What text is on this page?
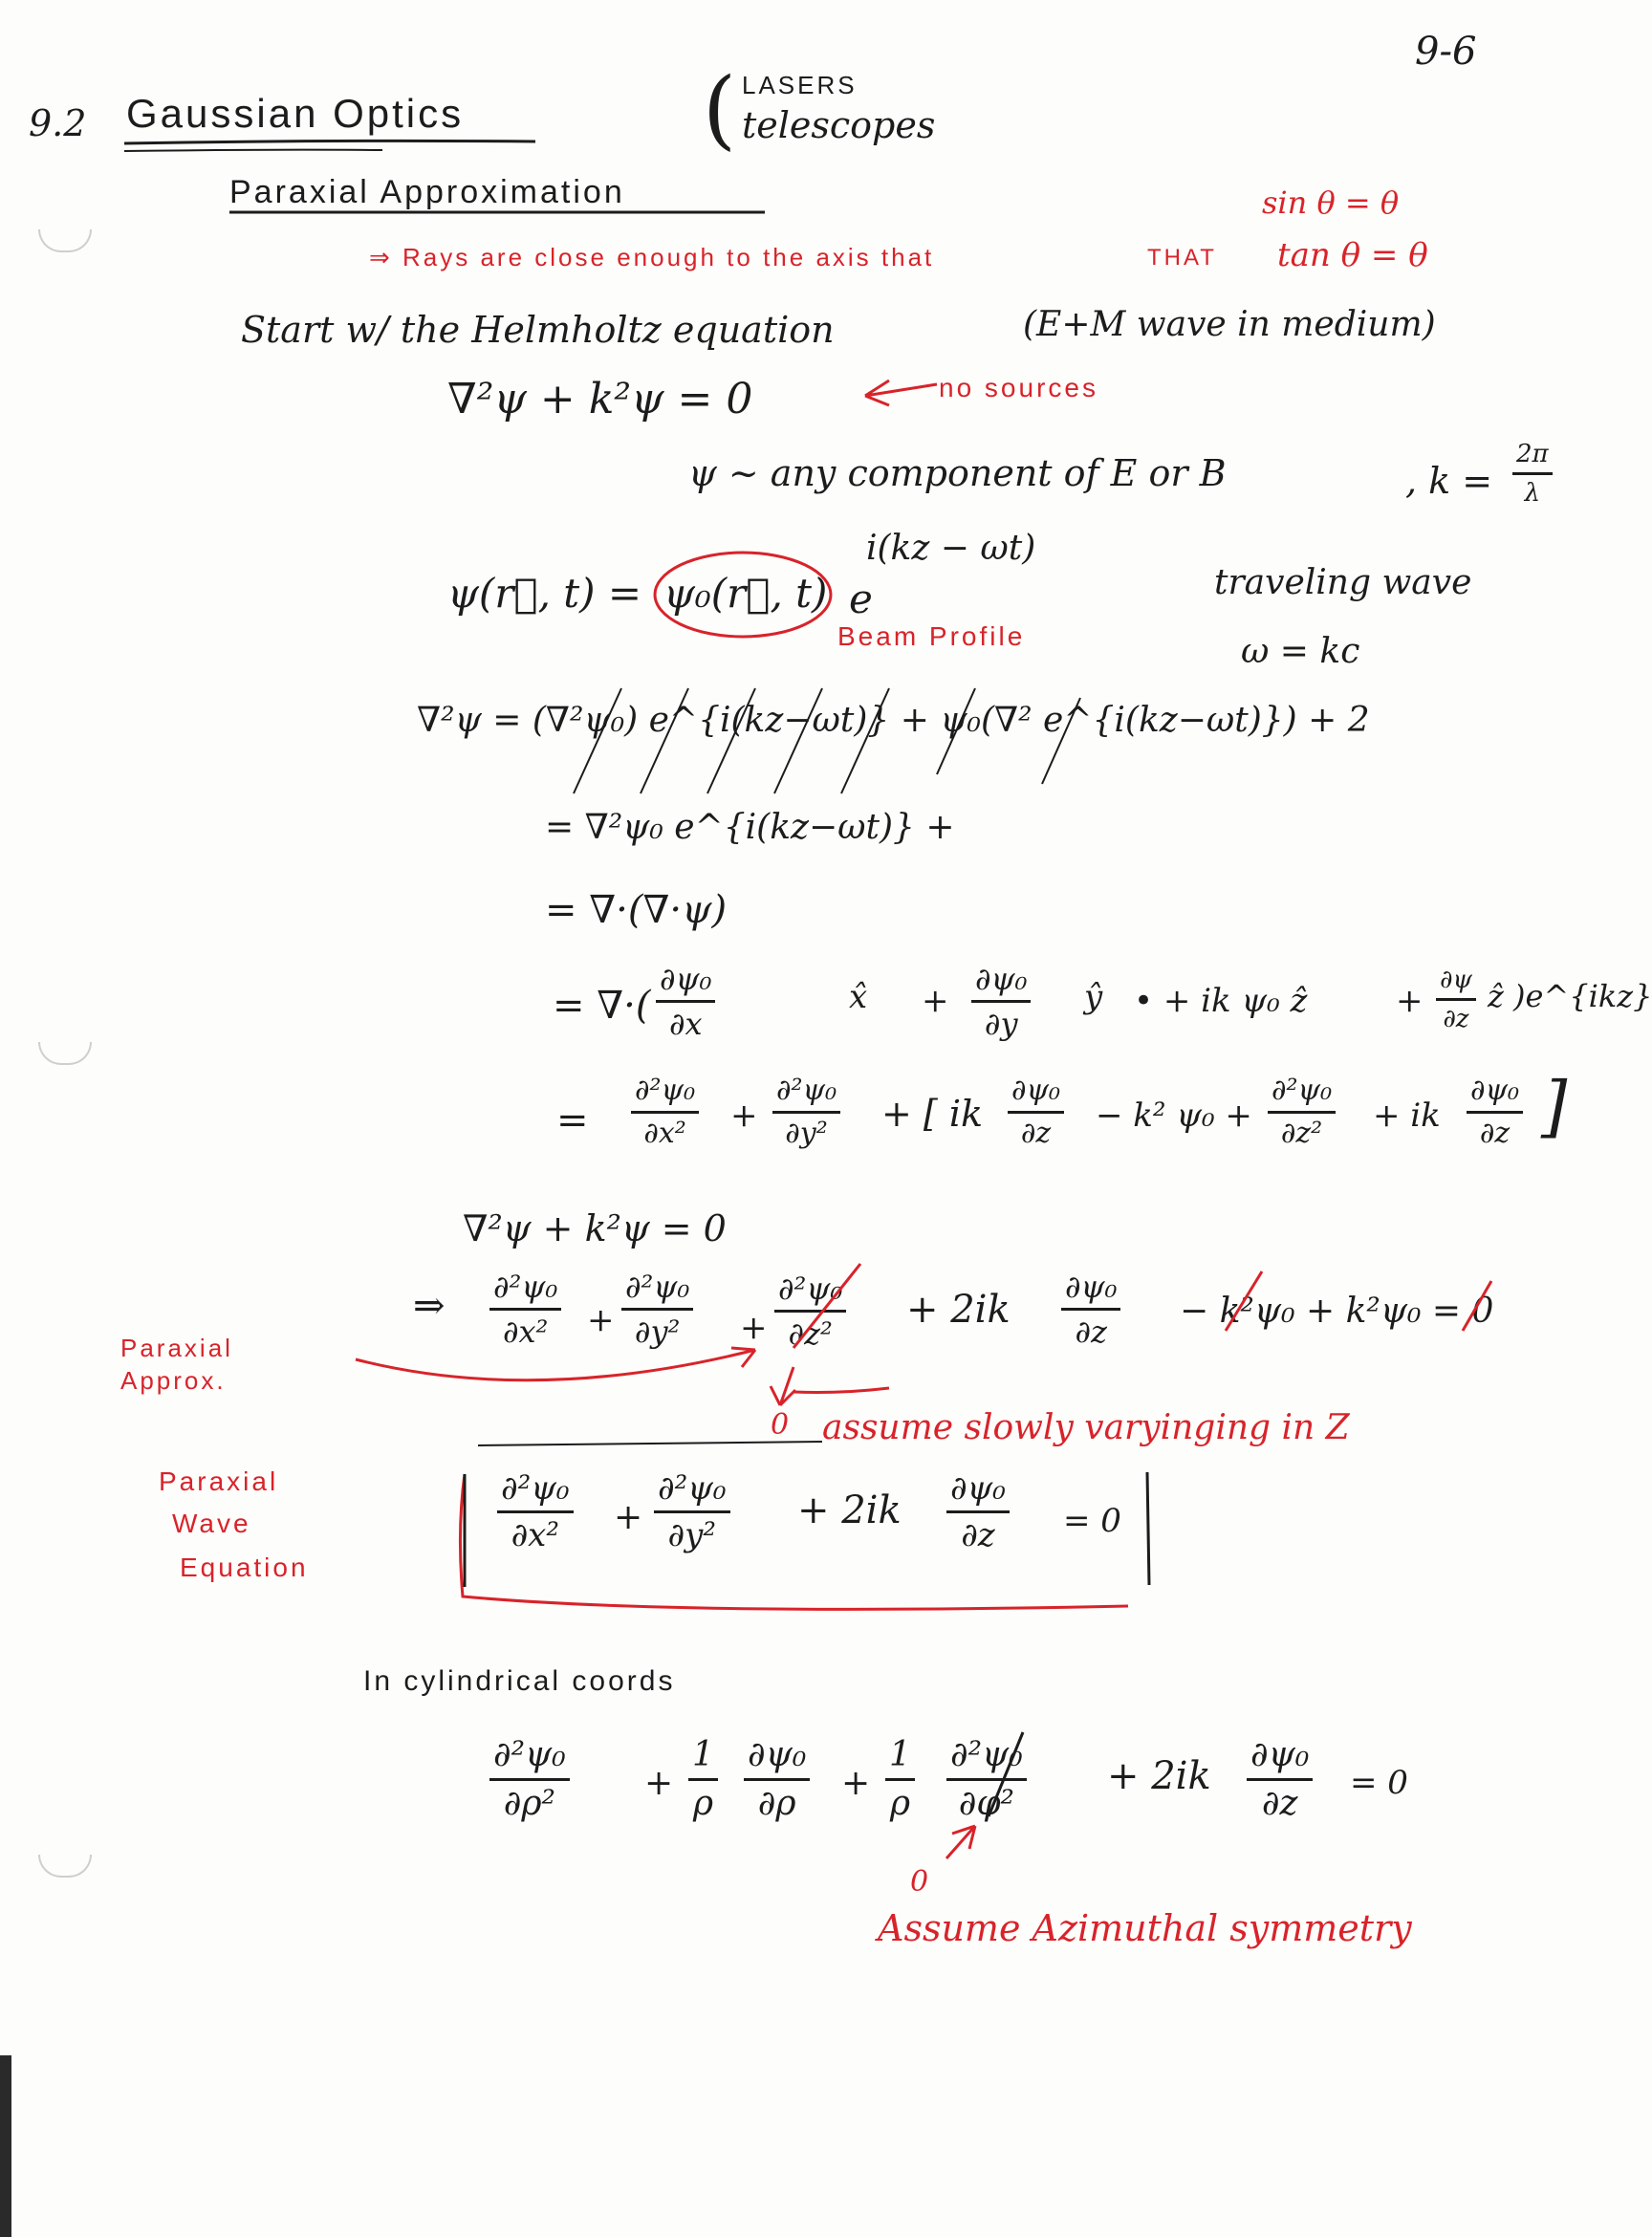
9-6
9.2 Gaussian Optics	( LASERS
telescopes
Paraxial Approximation	sin θ = θ
tan θ = θ
⇒ Rays are close enough to the axis that	THAT
Start w/ the Helmholtz equation	(E+M wave in medium)
∇²ψ + k²ψ = 0	no sources
ψ ~ any component of E or B	, k =
2π
λ
ψ(r⃗, t) = ψ₀(r⃗, t) e
i(kz − ωt)
Beam Profile
traveling wave
ω = kc
∇²ψ = (∇²ψ₀) e^{i(kz−ωt)} + ψ₀(∇² e^{i(kz−ωt)}) + 2
= ∇²ψ₀ e^{i(kz−ωt)} +
= ∇·(∇·ψ)
= ∇·(
∂ψ₀
∂x
x̂ +
∂ψ₀
∂y
ŷ • + ik ψ₀ ẑ	+
∂ψ
∂z
ẑ )e^{ikz}
=
∂²ψ₀
∂x²	+
∂²ψ₀
∂y²	+ [ ik
∂ψ₀
∂z	− k² ψ₀ +
∂²ψ₀
∂z²	+ ik
∂ψ₀
∂z ]
∇²ψ + k²ψ = 0
⇒ ∂²ψ₀
∂x²	+
∂²ψ₀
∂y²	+
∂²ψ₀
∂z²
+ 2ik
∂ψ₀
∂z
− k²ψ₀ + k²ψ₀ = 0
Paraxial Approx.
0 assume slowly varyinging in Z
Paraxial
Wave
Equation
∂²ψ₀
∂x²	+
∂²ψ₀
∂y²
+ 2ik ∂ψ₀
∂z	= 0
In cylindrical coords
∂²ψ₀
∂ρ²
+
1
ρ
∂ψ₀
∂ρ
+
1
ρ
∂²ψ₀
∂φ²
+ 2ik ∂ψ₀
∂z
= 0
0
Assume Azimuthal symmetry
